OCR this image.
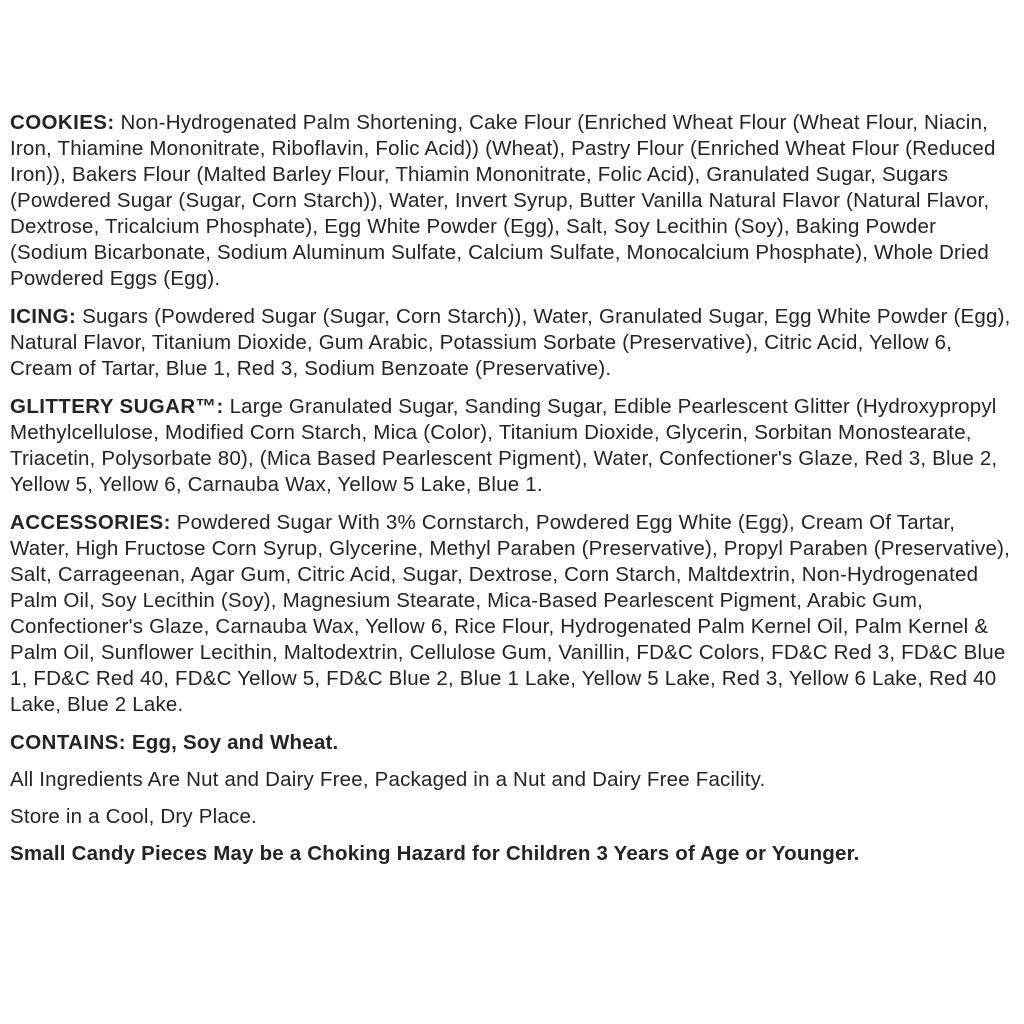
COOKIES: Non-Hydrogenated Palm Shortening, Cake Flour (Enriched Wheat Flour (Wheat Flour, Niacin, Iron, Thiamine Mononitrate, Riboflavin, Folic Acid)) (Wheat), Pastry Flour (Enriched Wheat Flour (Reduced Iron)), Bakers Flour (Malted Barley Flour, Thiamin Mononitrate, Folic Acid), Granulated Sugar, Sugars (Powdered Sugar (Sugar, Corn Starch)), Water, Invert Syrup, Butter Vanilla Natural Flavor (Natural Flavor, Dextrose, Tricalcium Phosphate), Egg White Powder (Egg), Salt, Soy Lecithin (Soy), Baking Powder (Sodium Bicarbonate, Sodium Aluminum Sulfate, Calcium Sulfate, Monocalcium Phosphate), Whole Dried Powdered Eggs (Egg).

ICING: Sugars (Powdered Sugar (Sugar, Corn Starch)), Water, Granulated Sugar, Egg White Powder (Egg), Natural Flavor, Titanium Dioxide, Gum Arabic, Potassium Sorbate (Preservative), Citric Acid, Yellow 6, Cream of Tartar, Blue 1, Red 3, Sodium Benzoate (Preservative).

GLITTERY SUGAR™: Large Granulated Sugar, Sanding Sugar, Edible Pearlescent Glitter (Hydroxypropyl Methylcellulose, Modified Corn Starch, Mica (Color), Titanium Dioxide, Glycerin, Sorbitan Monostearate, Triacetin, Polysorbate 80), (Mica Based Pearlescent Pigment), Water, Confectioner's Glaze, Red 3, Blue 2, Yellow 5, Yellow 6, Carnauba Wax, Yellow 5 Lake, Blue 1.

ACCESSORIES: Powdered Sugar With 3% Cornstarch, Powdered Egg White (Egg), Cream Of Tartar, Water, High Fructose Corn Syrup, Glycerine, Methyl Paraben (Preservative), Propyl Paraben (Preservative), Salt, Carrageenan, Agar Gum, Citric Acid, Sugar, Dextrose, Corn Starch, Maltdextrin, Non-Hydrogenated Palm Oil, Soy Lecithin (Soy), Magnesium Stearate, Mica-Based Pearlescent Pigment, Arabic Gum, Confectioner's Glaze, Carnauba Wax, Yellow 6, Rice Flour, Hydrogenated Palm Kernel Oil, Palm Kernel & Palm Oil, Sunflower Lecithin, Maltodextrin, Cellulose Gum, Vanillin, FD&C Colors, FD&C Red 3, FD&C Blue 1, FD&C Red 40, FD&C Yellow 5, FD&C Blue 2, Blue 1 Lake, Yellow 5 Lake, Red 3, Yellow 6 Lake, Red 40 Lake, Blue 2 Lake.

CONTAINS: Egg, Soy and Wheat.

All Ingredients Are Nut and Dairy Free, Packaged in a Nut and Dairy Free Facility.

Store in a Cool, Dry Place.

Small Candy Pieces May be a Choking Hazard for Children 3 Years of Age or Younger.
